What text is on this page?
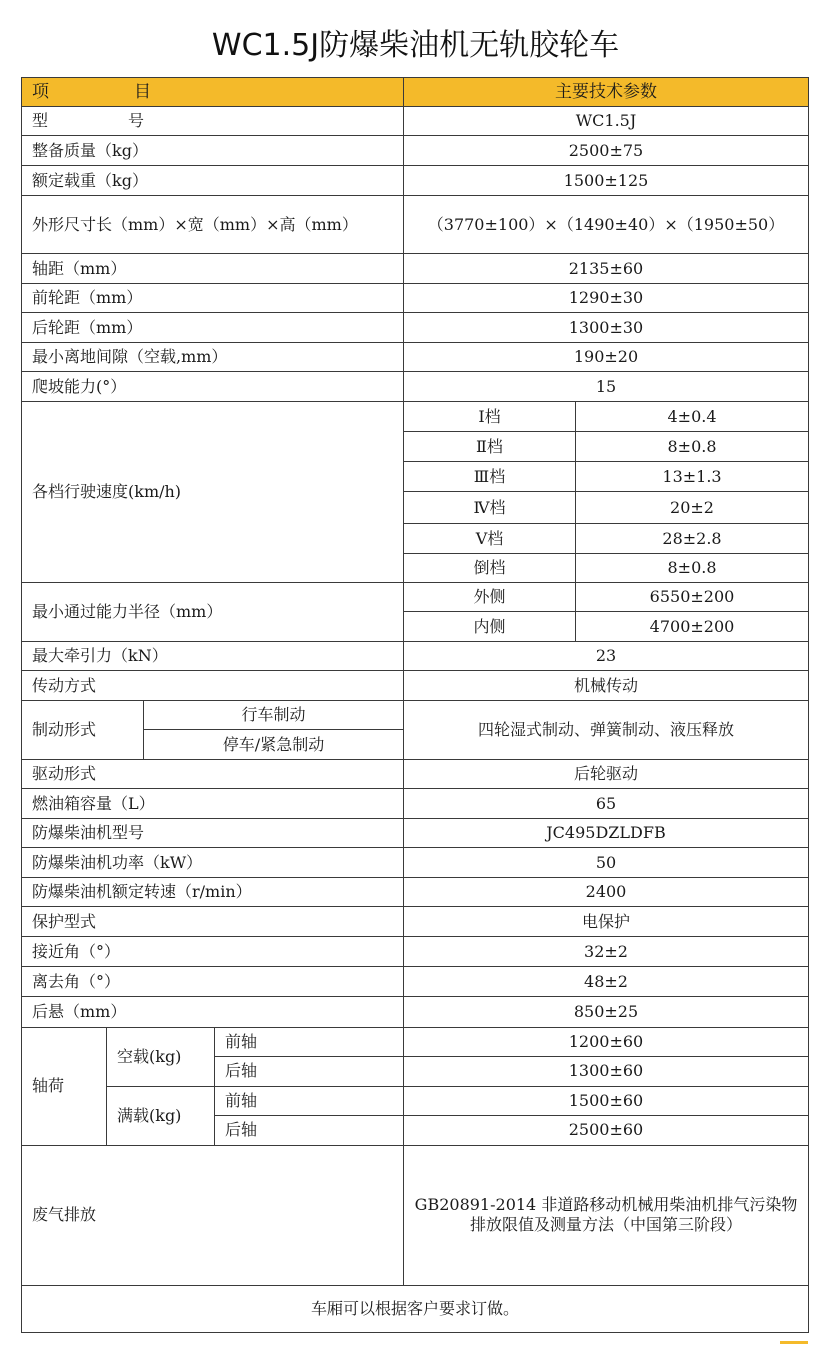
WC1.5J防爆柴油机无轨胶轮车
项　　　　　目				主要技术参数	
型　　　　　号				WC1.5J	
整备质量（kg）				2500±75	
额定载重（kg）				1500±125	
外形尺寸长（mm）×宽（mm）×高（mm）				（3770±100）×（1490±40）×（1950±50）	
轴距（mm）				2135±60	
前轮距（mm）				1290±30	
后轮距（mm）				1300±30	
最小离地间隙（空载,mm）				190±20	
爬坡能力(°）				15	
各档行驶速度(km/h)				Ⅰ档	4±0.4
				Ⅱ档	8±0.8
				Ⅲ档	13±1.3
				Ⅳ档	20±2
				Ⅴ档	28±2.8
				倒档	8±0.8
最小通过能力半径（mm）				外侧	6550±200
				内侧	4700±200
最大牵引力（kN）				23	
传动方式				机械传动	
制动形式		行车制动		四轮湿式制动、弹簧制动、液压释放	
		停车/紧急制动			
驱动形式				后轮驱动	
燃油箱容量（L）				65	
防爆柴油机型号				JC495DZLDFB	
防爆柴油机功率（kW）				50	
防爆柴油机额定转速（r/min）				2400	
保护型式				电保护	
接近角（°）				32±2	
离去角（°）				48±2	
后悬（mm）				850±25	
轴荷	空载(kg)		前轴	1200±60	
			后轴	1300±60	
	满载(kg)		前轴	1500±60	
			后轴	2500±60	
废气排放				GB20891-2014 非道路移动机械用柴油机排气污染物排放限值及测量方法（中国第三阶段）	
车厢可以根据客户要求订做。					
